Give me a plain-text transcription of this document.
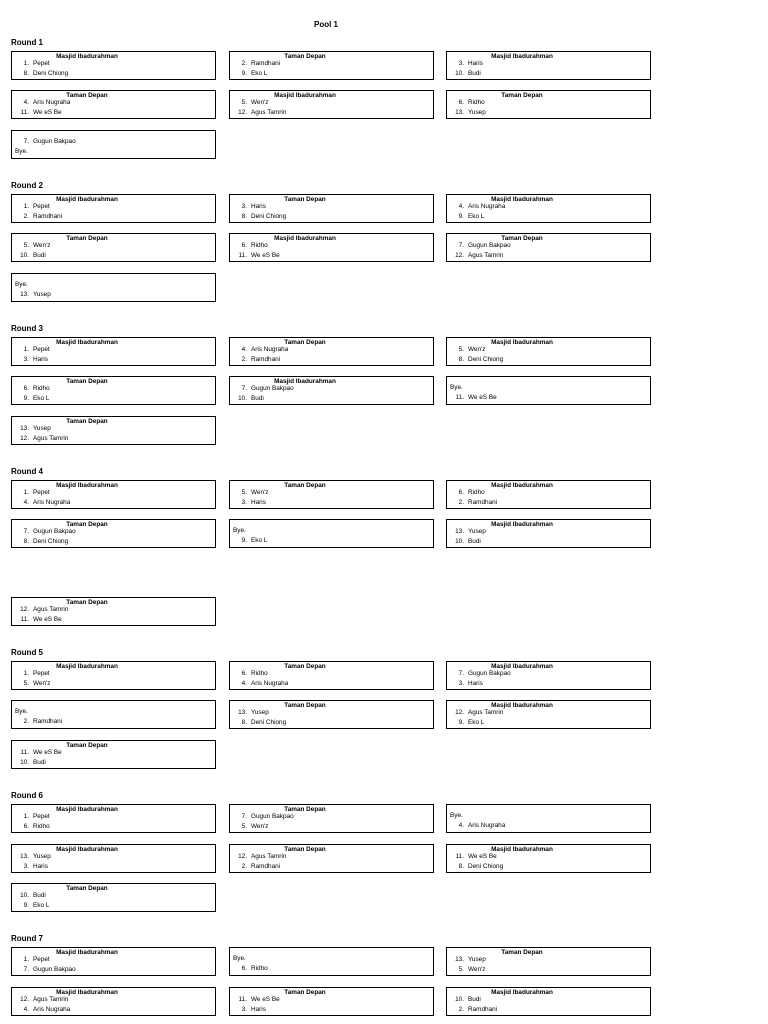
Pool 1
Round 1
Masjid Ibadurahman
1. Pepet
8. Deni Chiong
Taman Depan
2. Ramdhani
9. Eko L
Masjid Ibadurahman
3. Haris
10. Budi
Taman Depan
4. Aris Nugraha
11. We eS Be
Masjid Ibadurahman
5. Wen'z
12. Agus Tamrin
Taman Depan
6. Ridho
13. Yusep
7. Gugun Bakpao
Bye.
Round 2
Masjid Ibadurahman
1. Pepet
2. Ramdhani
Taman Depan
3. Haris
8. Deni Chiong
Masjid Ibadurahman
4. Aris Nugraha
9. Eko L
Taman Depan
5. Wen'z
10. Budi
Masjid Ibadurahman
6. Ridho
11. We eS Be
Taman Depan
7. Gugun Bakpao
12. Agus Tamrin
Bye.
13. Yusep
Round 3
Masjid Ibadurahman
1. Pepet
3. Haris
Taman Depan
4. Aris Nugraha
2. Ramdhani
Masjid Ibadurahman
5. Wen'z
8. Deni Chiong
Taman Depan
6. Ridho
9. Eko L
Masjid Ibadurahman
7. Gugun Bakpao
10. Budi
Bye.
11. We eS Be
Taman Depan
13. Yusep
12. Agus Tamrin
Round 4
Masjid Ibadurahman
1. Pepet
4. Aris Nugraha
Taman Depan
5. Wen'z
3. Haris
Masjid Ibadurahman
6. Ridho
2. Ramdhani
Taman Depan
7. Gugun Bakpao
8. Deni Chiong
Bye.
9. Eko L
Masjid Ibadurahman
13. Yusep
10. Budi
Taman Depan
12. Agus Tamrin
11. We eS Be
Round 5
Masjid Ibadurahman
1. Pepet
5. Wen'z
Taman Depan
6. Ridho
4. Aris Nugraha
Masjid Ibadurahman
7. Gugun Bakpao
3. Haris
Bye.
2. Ramdhani
Taman Depan
13. Yusep
8. Deni Chiong
Masjid Ibadurahman
12. Agus Tamrin
9. Eko L
Taman Depan
11. We eS Be
10. Budi
Round 6
Masjid Ibadurahman
1. Pepet
6. Ridho
Taman Depan
7. Gugun Bakpao
5. Wen'z
Bye.
4. Aris Nugraha
Masjid Ibadurahman
13. Yusep
3. Haris
Taman Depan
12. Agus Tamrin
2. Ramdhani
Masjid Ibadurahman
11. We eS Be
8. Deni Chiong
Taman Depan
10. Budi
9. Eko L
Round 7
Masjid Ibadurahman
1. Pepet
7. Gugun Bakpao
Bye.
6. Ridho
Taman Depan
13. Yusep
5. Wen'z
Masjid Ibadurahman
12. Agus Tamrin
4. Aris Nugraha
Taman Depan
11. We eS Be
3. Haris
Masjid Ibadurahman
10. Budi
2. Ramdhani
